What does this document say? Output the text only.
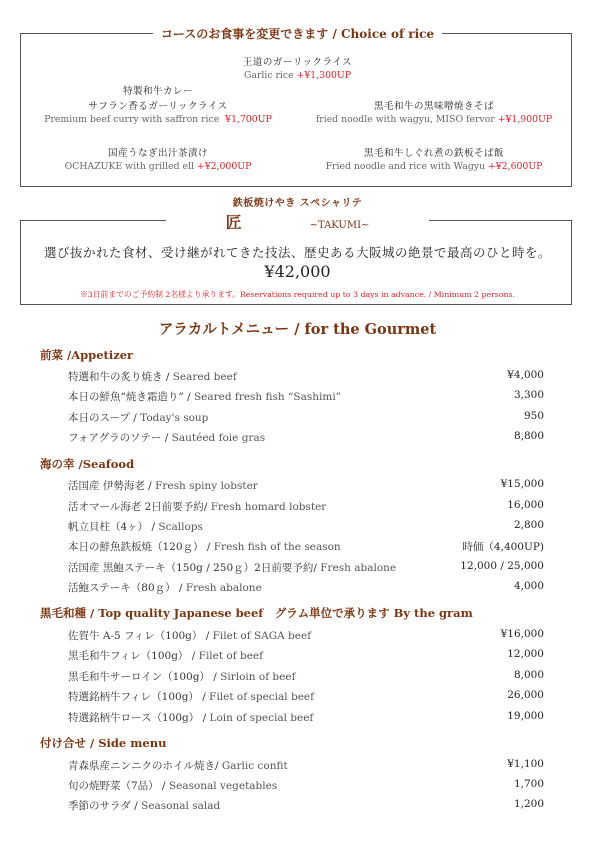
コースのお食事を変更できます / Choice of rice
王道のガーリックライス
Garlic rice +¥1,300UP
特製和牛カレー
サフラン香るガーリックライス
Premium beef curry with saffron rice ¥1,700UP
黒毛和牛の黒味噌焼きそば
fried noodle with wagyu, MISO fervor +¥1,900UP
国産うなぎ出汁茶漬け
OCHAZUKE with grilled ell +¥2,000UP
黒毛和牛しぐれ煮の鉄板そば飯
Fried noodle and rice with Wagyu +¥2,600UP
鉄板焼けやき スペシャリテ
匠	~TAKUMI~
選び抜かれた食材、受け継がれてきた技法、歴史ある大阪城の絶景で最高のひと時を。
¥42,000
※3日前までのご予約制 2名様より承ります。Reservations required up to 3 days in advance. / Minimum 2 persons.
アラカルトメニュー / for the Gourmet
前菜 /Appetizer
特選和牛の炙り焼き / Seared beef	¥4,000
本日の鮮魚“焼き霜造り” / Seared fresh fish “Sashimi”	3,300
本日のスープ / Today's soup	950
フォアグラのソテー / Sautéed foie gras	8,800
海の幸 /Seafood
活国産 伊勢海老 / Fresh spiny lobster	¥15,000
活オマール海老 2日前要予約/ Fresh homard lobster	16,000
帆立貝柱（4ヶ） / Scallops	2,800
本日の鮮魚鉄板焼（120ｇ） / Fresh fish of the season	時価（4,400UP)
活国産 黒鮑ステーキ（150g / 250ｇ）2日前要予約/ Fresh abalone	12,000 / 25,000
活鮑ステーキ（80ｇ） / Fresh abalone	4,000
黒毛和種 / Top quality Japanese beef　グラム単位で承ります By the gram
佐賀牛 A-5 フィレ（100g） / Filet of SAGA beef	¥16,000
黒毛和牛フィレ（100g） / Filet of beef	12,000
黒毛和牛サーロイン（100g） / Sirloin of beef	8,000
特選銘柄牛フィレ（100g） / Filet of special beef	26,000
特選銘柄牛ロース（100g） / Loin of special beef	19,000
付け合せ / Side menu
青森県産ニンニクのホイル焼き/ Garlic confit	¥1,100
旬の焼野菜（7品） / Seasonal vegetables	1,700
季節のサラダ / Seasonal salad	1,200
